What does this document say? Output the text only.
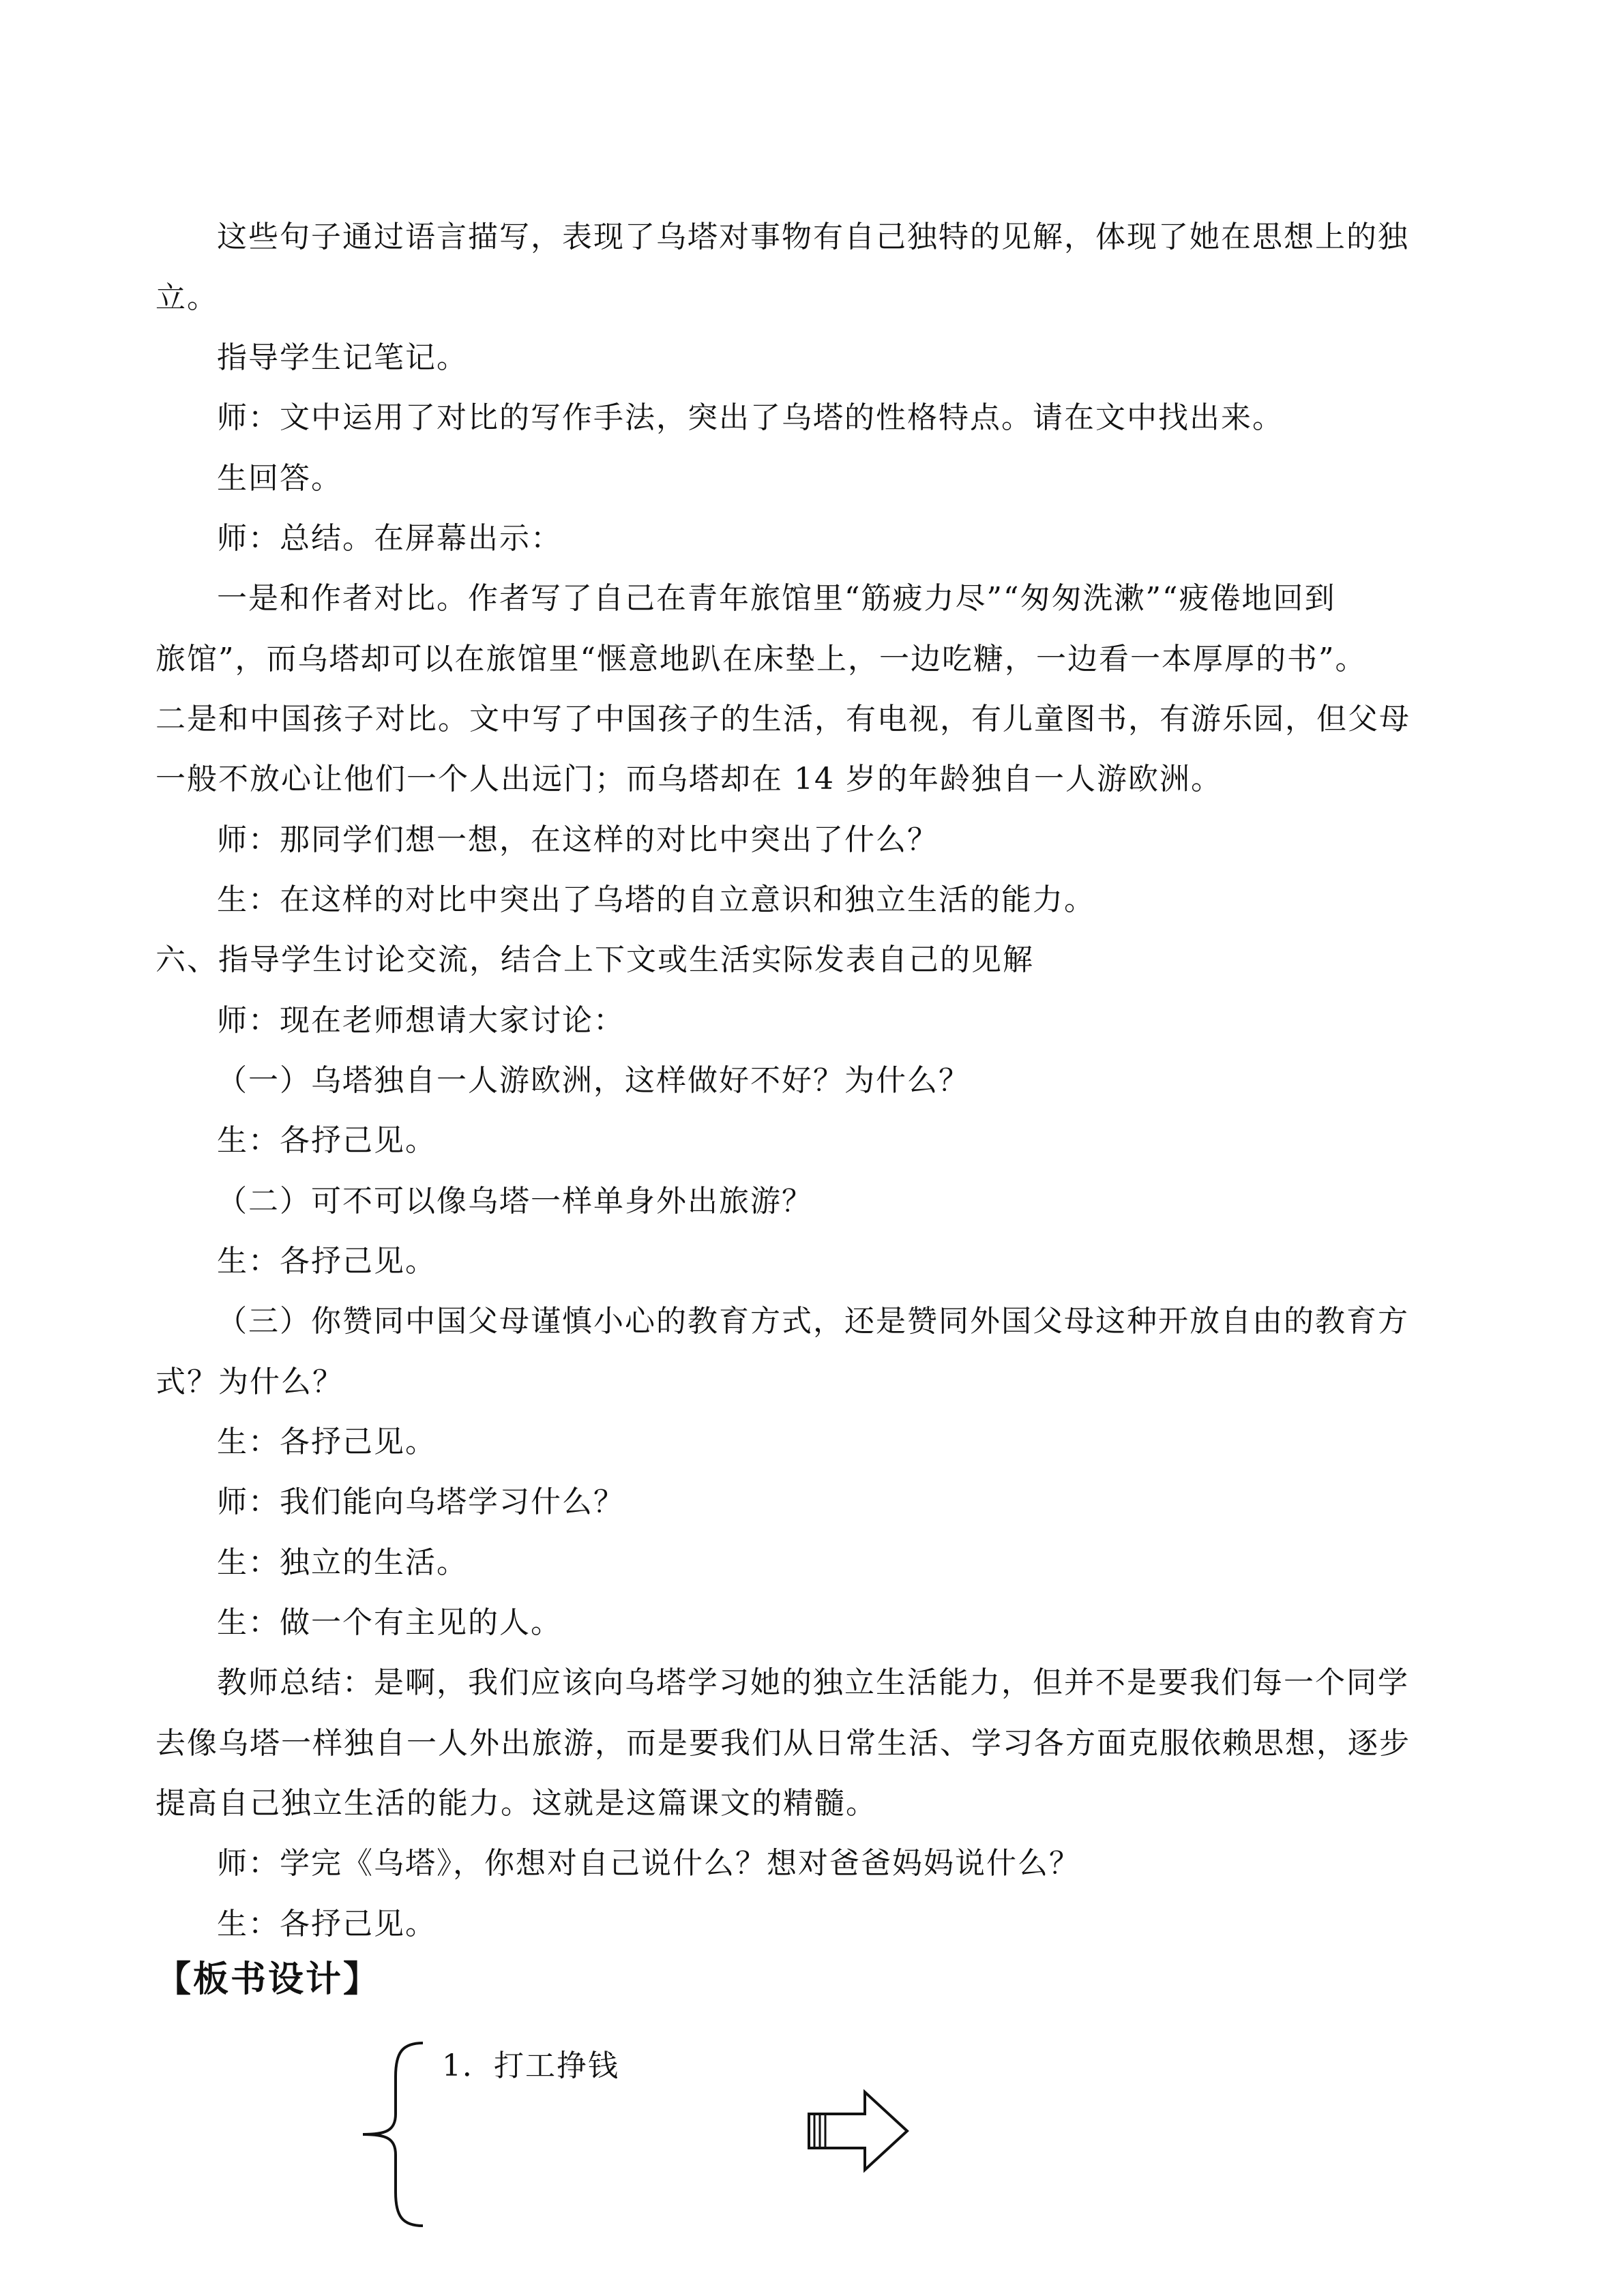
这些句子通过语言描写，表现了乌塔对事物有自己独特的见解，体现了她在思想上的独
立。
指导学生记笔记。
师：文中运用了对比的写作手法，突出了乌塔的性格特点。请在文中找出来。
生回答。
师：总结。在屏幕出示：
一是和作者对比。作者写了自己在青年旅馆里“筋疲力尽”“匆匆洗漱”“疲倦地回到
旅馆”，而乌塔却可以在旅馆里“惬意地趴在床垫上，一边吃糖，一边看一本厚厚的书”。
二是和中国孩子对比。文中写了中国孩子的生活，有电视，有儿童图书，有游乐园，但父母
一般不放心让他们一个人出远门；而乌塔却在 14 岁的年龄独自一人游欧洲。
师：那同学们想一想，在这样的对比中突出了什么？
生：在这样的对比中突出了乌塔的自立意识和独立生活的能力。
六、指导学生讨论交流，结合上下文或生活实际发表自己的见解
师：现在老师想请大家讨论：
（一）乌塔独自一人游欧洲，这样做好不好？为什么？
生：各抒己见。
（二）可不可以像乌塔一样单身外出旅游？
生：各抒己见。
（三）你赞同中国父母谨慎小心的教育方式，还是赞同外国父母这种开放自由的教育方
式？为什么？
生：各抒己见。
师：我们能向乌塔学习什么？
生：独立的生活。
生：做一个有主见的人。
教师总结：是啊，我们应该向乌塔学习她的独立生活能力，但并不是要我们每一个同学
去像乌塔一样独自一人外出旅游，而是要我们从日常生活、学习各方面克服依赖思想，逐步
提高自己独立生活的能力。这就是这篇课文的精髓。
师：学完《乌塔》，你想对自己说什么？想对爸爸妈妈说什么？
生：各抒己见。
【板书设计】
1．打工挣钱
